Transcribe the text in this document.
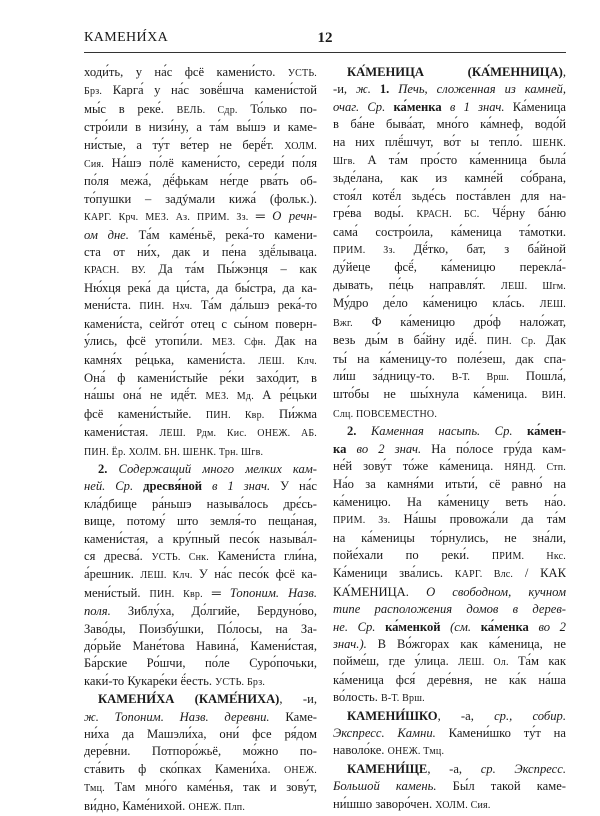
КАМЕНИ́ХА	12
ходи́ть, у на́с фсё камени́сто. УСТЬ.
Брз. Карга́ у на́с зовё́шча камени́стой
мы́с в реке́. ВЕЛЬ. Сдр. То́лько по-
стро́или в низи́ну, а та́м вы́шэ и каме-
ни́стые, а ту́т ве́тер не берё́т. ХОЛМ.
Сия. На́шэ по́лё камени́сто, середи́ по́ля
по́ля межа́, дё́фькам не́где рва́ть об-
то́пушки – задýмали кижа́ (фольк.).
КАРГ. Крч. МЕЗ. Аз. ПРИМ. Зз. ═ О речн-
ом дне. Та́м каме́ньё, река́-то камени-
ста от ни́х, дак и пе́на здё́лываца.
КРАСН. ВУ. Да та́м Пы́жэнця – как
Ню́хця река́ да ци́ста, да бы́стра, да ка-
мени́ста. ПИН. Нхч. Та́м да́льшэ река́-то
камени́ста, сейго́т отец с сы́ном поверн-
у́лись, фсё утопи́ли. МЕЗ. Сфн. Дак на
камня́х ре́цька, камени́ста. ЛЕШ. Клч.
Она́ ф камени́стыйе ре́ки захо́дит, в
на́шы она́ не идё́т. МЕЗ. Мд. А ре́цьки
фсё камени́стыйе. ПИН. Квр. Пи́жма
камени́стая. ЛЕШ. Рдм. Кис. ОНЕЖ. АБ.
ПИН. Ёр. ХОЛМ. БН. ШЕНК. Трн. Шгв.
2. Содержащий много мелких кам-
ней. Ср. дресвя́ной в 1 знач. У на́с
кла́дбище ра́ньшэ называ́лось дрє́сь-
вище, потому́ што земля́-то пеща́ная,
камени́стая, а кру́пный песо́к называ́л-
ся дресва́. УСТЬ. Снк. Камени́ста гли́на,
а́решник. ЛЕШ. Клч. У на́с песо́к фсё ка-
мени́стый. ПИН. Квр. ═ Топоним. Назв.
поля. Зиблу́ха, До́лгийе, Бердуно́во,
Заво́ды, Поизбу́шки, По́лосы, на За-
до́рьйе Мане́това Навина́, Камени́стая,
Ба́рские Ро́шчи, по́ле Суро́почьки,
каки́-то Кукаре́ки ё́есть. УСТЬ. Брз.
КАМЕНИ́ХА (КАМЕ́НИХА), -и,
ж. Топоним. Назв. деревни. Каме-
ни́ха да Машэли́ха, они́ фсе ря́дом
дере́вни. Потпоро́жьё, мо́жно по-
ста́вить ф ско́пках Камени́ха. ОНЕЖ.
Тмц. Там мно́го каме́нья, так и зову́т,
ви́дно, Каме́нихой. ОНЕЖ. Плп.
КА́МЕНИЦА (КА́МЕННИЦА),
-и, ж. 1. Печь, сложенная из камней,
очаг. Ср. ка́менка в 1 знач. Ка́меница
в ба́не быва́ат, мно́го ка́мнеф, водо́й
на них плё́шчут, во́т ы тепло́. ШЕНК.
Шгв. А та́м про́сто ка́менница была́
зьде́лана, как из камне́й со́брана,
стоя́л котё́л зьде́сь поста́влен для на-
гре́ва воды́. КРАСН. БС. Чё́рну ба́ню
сама́ состро́ила, ка́меница та́мотки.
ПРИМ. Зз. Дё́тко, бат, з ба́йной
ду́йеце фсё́, ка́меницю перекла́-
дывать, пе́ць направля́т. ЛЕШ. Шгм.
Му́дро де́ло ка́меницю кла́сь. ЛЕШ.
Вжг. Ф ка́меницю дро́ф нало́жат,
везь ды́м в ба́йну идё́. ПИН. Ср. Дак
ты́ на ка́меницу-то поле́зеш, дак спа-
ли́ш за́дницу-то. В-Т. Врш. Пошла́,
што́бы не шы́хнула ка́меница. ВИН.
Слц. ПОВСЕМЕСТНО.
2. Каменная насыпь. Ср. ка́мен-
ка во 2 знач. На по́лосе гру́да кам-
не́й зову́т то́же ка́меница. НЯНД. Стп.
На́о за камня́ми итьти́, сё равно́ на
ка́меницю. На ка́меницу веть на́о.
ПРИМ. Зз. На́шы провожа́ли да та́м
на ка́меницы то́рнулись, не зна́ли,
пойе́хали по реки́. ПРИМ. Нкс.
Ка́меници зва́лись. КАРГ. Влс. / КАК
КА́МЕНИЦА. О свободном, кучном
типе расположения домов в дерев-
не. Ср. ка́менкой (см. ка́менка во 2
знач.). В Во́жгорах как ка́меница, не
пойме́ш, где у́лица. ЛЕШ. Ол. Та́м как
ка́меница фся́ дере́вня, не ка́к на́ша
во́лость. В-Т. Врш.
КАМЕНИ́ШКО, -а, ср., собир.
Экспресс. Камни. Камени́шко ту́т на
наволо́ке. ОНЕЖ. Тмц.
КАМЕНИ́ЩЕ, -а, ср. Экспресс.
Большой камень. Бы́л такой каме-
ни́шшо заворо́чен. ХОЛМ. Сия.
